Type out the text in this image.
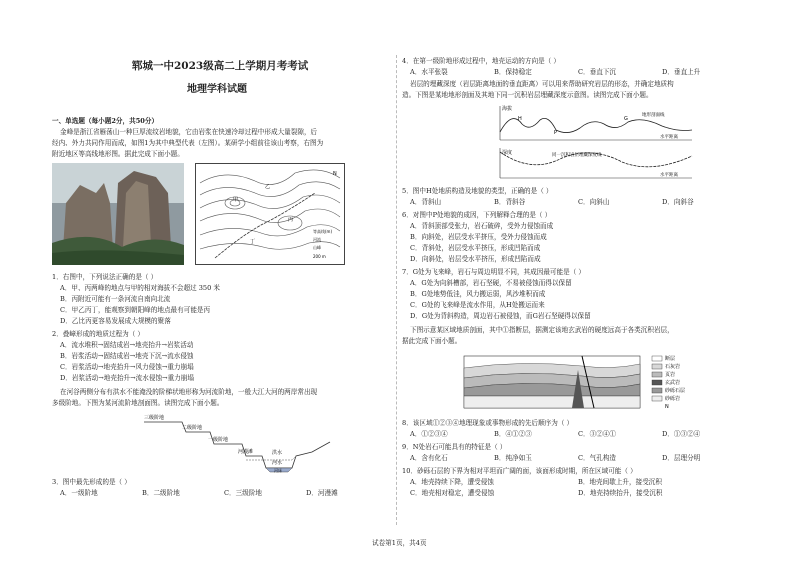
郓城一中2023级高二上学期月考考试
地理学科试题
一、单选题（每小题2分，共50分）
金峰是浙江省雁荡山一种巨厚流纹岩地貌，它由岩浆在快速冷却过程中形成大量裂隙，后
经内、外力共同作用而成，如图1为其中典型代表（左图）。某研学小组前往该山考察，右图为
附近地区等高线地形图。据此完成下面小题。
甲
乙
丙
丁
等高线(m)
河流
山峰
200 m
N
1．右图中，下列说法正确的是（ ）
A．甲、丙两峰的地点与甲的相对海拔不会超过 350 米
B．丙附近可能有一条河流自南向北流
C．甲乙丙丁，能观察到朝阳峰的地点最有可能是丙
D．乙比丙更容易发展成大规模的聚落
2．叠嶂形成的地质过程为（ ）
A．流水堆积→固结成岩→地壳抬升→岩浆活动
B．岩浆活动→固结成岩→地壳下沉→流水侵蚀
C．岩浆活动→地壳抬升→风力侵蚀→重力崩塌
D．岩浆活动→地壳抬升→流水侵蚀→重力崩塌
在河谷两侧分布有洪水不能淹没的阶梯状地形称为河流阶地，一般大江大河的两岸常出现
多级阶地。下图为某河流阶地剖面图。读图完成下面小题。
三级阶地
二级阶地
一级阶地
河漫滩	洪水
河水
河床
3．图中最先形成的是（ ）
A．一级阶地	B．二级阶地	C．三级阶地	D．河漫滩
4．在第一级阶地形成过程中，地壳运动的方向是（ ）
A．水平张裂	B．保持稳定	C．垂直下沉	D．垂直上升
岩层的埋藏深度（岩层距离地面的垂直距离）可以用来帮助研究岩层的形态，并确定地质构
造。下图是某地地形剖面及其地下同一沉积岩层埋藏深度示意图。读图完成下面小题。
海拔
深度
地形剖面线
同一沉积岩层埋藏深度线
水平距离
水平距离
H
P
G
5．图中H处地质构造及地貌的类型，正确的是（ ）
A．背斜山	B．背斜谷	C．向斜山	D．向斜谷
6．对图中P处地貌的成因，下列解释合理的是（ ）
A．背斜顶部受张力，岩石破碎，受外力侵蚀而成
B．向斜处，岩层受水平挤压，受外力侵蚀而成
C．背斜处，岩层受水平挤压，形成凹陷而成
D．向斜处，岩层受水平挤压，形成凹陷而成
7．G处为飞来峰，岩石与周边明显不同，其成因最可能是（ ）
A．G处为向斜槽部，岩石坚硬，不易被侵蚀而得以保留
B．G处地势低洼，风力搬运弱，风沙堆积而成
C．G处的飞来峰是流水作用，从H处搬运而来
D．G处为背斜构造，周边岩石被侵蚀，而G岩石坚硬得以保留
下图示意某区域地质剖面，其中①指断层，据测定该地玄武岩的硬度远高于各类沉积岩层，
据此完成下面小题。
断层
石灰岩
页岩
玄武岩
砂砾石层
砂砾岩
N
8．该区域①②③④地理现象或事物形成的先后顺序为（ ）
A．①②③④	B．④①②③	C．③②④①	D．①③②④
9．N处岩石可能具有的特征是（ ）
A．含有化石	B．纯净如玉	C．气孔构造	D．层理分明
10．砂砾石层的下界为相对平坦而广阔的面，该面形成时期，所在区域可能（ ）
A．地壳持续下降，遭受侵蚀	B．地壳间歇上升，接受沉积
C．地壳相对稳定，遭受侵蚀	D．地壳持续抬升，接受沉积
试卷第1页，共4页
